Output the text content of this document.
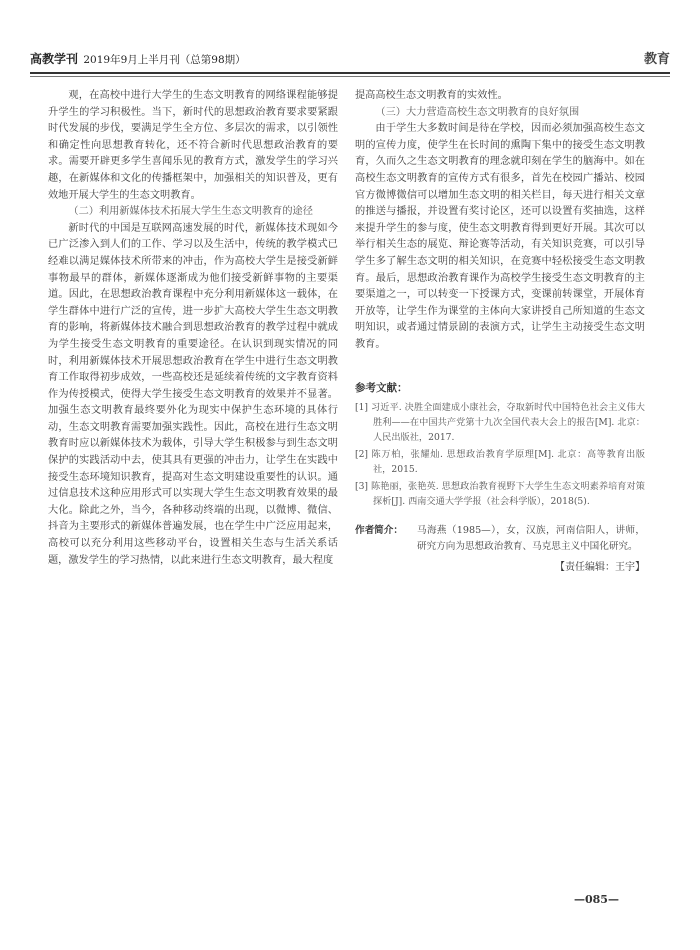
高教学刊 2019年9月上半月刊（总第98期）	教育

观，在高校中进行大学生的生态文明教育的网络课程能够提升学生的学习积极性。当下，新时代的思想政治教育要求要紧跟时代发展的步伐，要满足学生全方位、多层次的需求，以引领性和确定性向思想教育转化，还不符合新时代思想政治教育的要求。需要开辟更多学生喜闻乐见的教育方式，激发学生的学习兴趣，在新媒体和文化的传播框架中，加强相关的知识普及，更有效地开展大学生的生态文明教育。

（二）利用新媒体技术拓展大学生生态文明教育的途径

新时代的中国是互联网高速发展的时代，新媒体技术现如今已广泛渗入到人们的工作、学习以及生活中，传统的教学模式已经难以满足媒体技术所带来的冲击，作为高校大学生是接受新鲜事物最早的群体，新媒体逐渐成为他们接受新鲜事物的主要渠道。因此，在思想政治教育课程中充分利用新媒体这一载体，在学生群体中进行广泛的宣传，进一步扩大高校大学生生态文明教育的影响，将新媒体技术融合到思想政治教育的教学过程中就成为学生接受生态文明教育的重要途径。在认识到现实情况的同时，利用新媒体技术开展思想政治教育在学生中进行生态文明教育工作取得初步成效，一些高校还是延续着传统的文字教育资料作为传授模式，使得大学生接受生态文明教育的效果并不显著。加强生态文明教育最终要外化为现实中保护生态环境的具体行动，生态文明教育需要加强实践性。因此，高校在进行生态文明教育时应以新媒体技术为载体，引导大学生积极参与到生态文明保护的实践活动中去，使其具有更强的冲击力，让学生在实践中接受生态环境知识教育，提高对生态文明建设重要性的认识。通过信息技术这种应用形式可以实现大学生生态文明教育效果的最大化。除此之外，当今，各种移动终端的出现，以微博、微信、抖音为主要形式的新媒体普遍发展，也在学生中广泛应用起来，高校可以充分利用这些移动平台，设置相关生态与生活关系话题，激发学生的学习热情，以此来进行生态文明教育，最大程度

提高高校生态文明教育的实效性。

（三）大力营造高校生态文明教育的良好氛围

由于学生大多数时间是待在学校，因而必须加强高校生态文明的宣传力度，使学生在长时间的熏陶下集中的接受生态文明教育，久而久之生态文明教育的理念就印刻在学生的脑海中。如在高校生态文明教育的宣传方式有很多，首先在校园广播站、校园官方微博微信可以增加生态文明的相关栏目，每天进行相关文章的推送与播报，并设置有奖讨论区，还可以设置有奖抽选，这样来提升学生的参与度，使生态文明教育得到更好开展。其次可以举行相关生态的展览、辩论赛等活动，有关知识竞赛，可以引导学生多了解生态文明的相关知识，在竞赛中轻松接受生态文明教育。最后，思想政治教育课作为高校学生接受生态文明教育的主要渠道之一，可以转变一下授课方式，变课前转课堂，开展体育开放等，让学生作为课堂的主体向大家讲授自己所知道的生态文明知识，或者通过情景剧的表演方式，让学生主动接受生态文明教育。

参考文献：
[1] 习近平. 决胜全面建成小康社会，夺取新时代中国特色社会主义伟大胜利——在中国共产党第十九次全国代表大会上的报告[M]. 北京：人民出版社，2017.
[2] 陈万柏，张耀灿. 思想政治教育学原理[M]. 北京：高等教育出版社，2015.
[3] 陈艳丽，张艳英. 思想政治教育视野下大学生生态文明素养培育对策探析[J]. 西南交通大学学报（社会科学版），2018(5).
作者简介： 马海燕（1985—），女，汉族，河南信阳人，讲师，研究方向为思想政治教育、马克思主义中国化研究。
【责任编辑：王宇】
—085—
